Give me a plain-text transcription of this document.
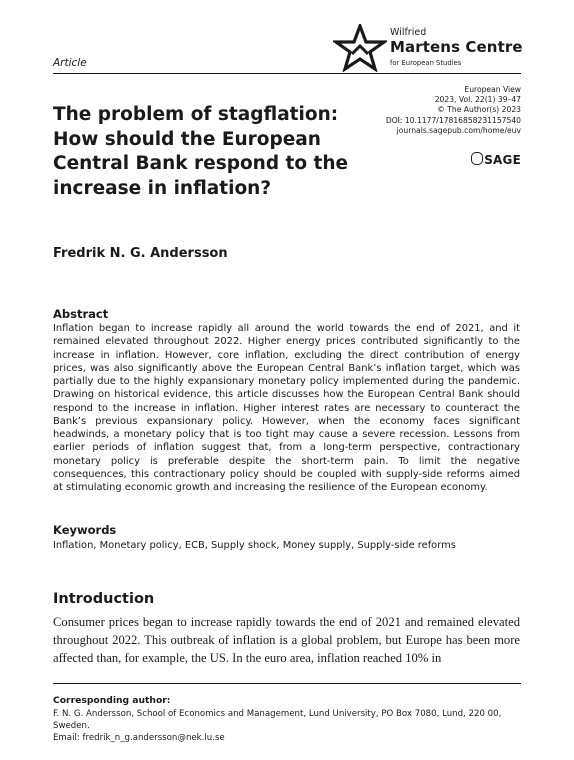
Article
Wilfried
Martens Centre
for European Studies
European View
2023, Vol. 22(1) 39–47
© The Author(s) 2023
DOI: 10.1177/17816858231157540
journals.sagepub.com/home/euv
SAGE
The problem of stagflation: How should the European Central Bank respond to the increase in inflation?
Fredrik N. G. Andersson
Abstract
Inflation began to increase rapidly all around the world towards the end of 2021, and it remained elevated throughout 2022. Higher energy prices contributed significantly to the increase in inflation. However, core inflation, excluding the direct contribution of energy prices, was also significantly above the European Central Bank’s inflation target, which was partially due to the highly expansionary monetary policy implemented during the pandemic. Drawing on historical evidence, this article discusses how the European Central Bank should respond to the increase in inflation. Higher interest rates are necessary to counteract the Bank’s previous expansionary policy. However, when the economy faces significant headwinds, a monetary policy that is too tight may cause a severe recession. Lessons from earlier periods of inflation suggest that, from a long-term perspective, contractionary monetary policy is preferable despite the short-term pain. To limit the negative consequences, this contractionary policy should be coupled with supply-side reforms aimed at stimulating economic growth and increasing the resilience of the European economy.
Keywords
Inflation, Monetary policy, ECB, Supply shock, Money supply, Supply-side reforms
Introduction
Consumer prices began to increase rapidly towards the end of 2021 and remained elevated throughout 2022. This outbreak of inflation is a global problem, but Europe has been more affected than, for example, the US. In the euro area, inflation reached 10% in
Corresponding author:
F. N. G. Andersson, School of Economics and Management, Lund University, PO Box 7080, Lund, 220 00, Sweden.
Email: fredrik_n_g.andersson@nek.lu.se
